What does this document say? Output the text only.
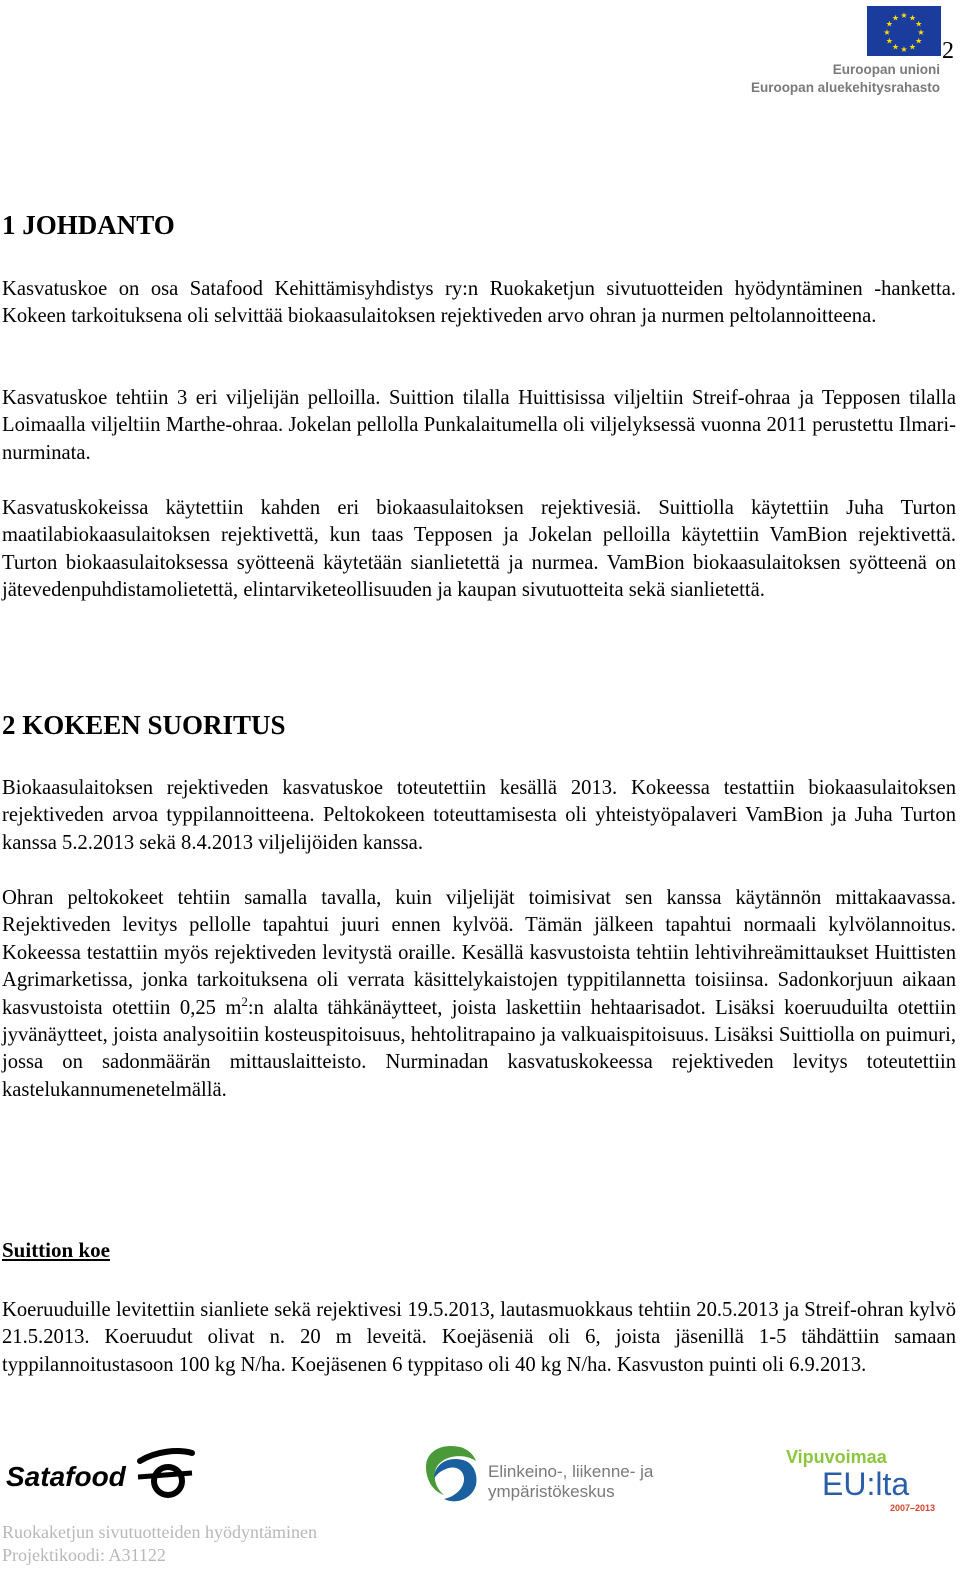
2
★ ★
★
★
★
★
★
★
★
★
★
★
Euroopan unioni
Euroopan aluekehitysrahasto
1 JOHDANTO

Kasvatuskoe on osa Satafood Kehittämisyhdistys ry:n Ruokaketjun sivutuotteiden hyödyntäminen -hanketta. Kokeen tarkoituksena oli selvittää biokaasulaitoksen rejektiveden arvo ohran ja nurmen peltolannoitteena.

Kasvatuskoe tehtiin 3 eri viljelijän pelloilla. Suittion tilalla Huittisissa viljeltiin Streif-ohraa ja Tepposen tilalla Loimaalla viljeltiin Marthe-ohraa. Jokelan pellolla Punkalaitumella oli viljelyksessä vuonna 2011 perustettu Ilmari-nurminata.

Kasvatuskokeissa käytettiin kahden eri biokaasulaitoksen rejektivesiä. Suittiolla käytettiin Juha Turton maatilabiokaasulaitoksen rejektivettä, kun taas Tepposen ja Jokelan pelloilla käytettiin VamBion rejektivettä. Turton biokaasulaitoksessa syötteenä käytetään sianlietettä ja nurmea. VamBion biokaasulaitoksen syötteenä on jätevedenpuhdistamolietettä, elintarviketeollisuuden ja kaupan sivutuotteita sekä sianlietettä.

2 KOKEEN SUORITUS

Biokaasulaitoksen rejektiveden kasvatuskoe toteutettiin kesällä 2013. Kokeessa testattiin biokaasulaitoksen rejektiveden arvoa typpilannoitteena. Peltokokeen toteuttamisesta oli yhteistyöpalaveri VamBion ja Juha Turton kanssa 5.2.2013 sekä 8.4.2013 viljelijöiden kanssa.

Ohran peltokokeet tehtiin samalla tavalla, kuin viljelijät toimisivat sen kanssa käytännön mittakaavassa. Rejektiveden levitys pellolle tapahtui juuri ennen kylvöä. Tämän jälkeen tapahtui normaali kylvölannoitus. Kokeessa testattiin myös rejektiveden levitystä oraille. Kesällä kasvustoista tehtiin lehtivihreämittaukset Huittisten Agrimarketissa, jonka tarkoituksena oli verrata käsittelykaistojen typpitilannetta toisiinsa. Sadonkorjuun aikaan kasvustoista otettiin 0,25 $m^2:n$ alalta tähkänäytteet, joista laskettiin hehtaarisadot. Lisäksi koeruuduilta otettiin jyvänäytteet, joista analysoitiin kosteuspitoisuus, hehtolitrapaino ja valkuaispitoisuus. Lisäksi Suittiolla on puimuri, jossa on sadonmäärän mittauslaitteisto. Nurminadan kasvatuskokeessa rejektiveden levitys toteutettiin kastelukannumenetelmällä.

Suittion koe

Koeruuduille levitettiin sianliete sekä rejektivesi 19.5.2013, lautasmuokkaus tehtiin 20.5.2013 ja Streif-ohran kylvö 21.5.2013. Koeruudut olivat n. 20 m leveitä. Koejäseniä oli 6, joista jäsenillä 1-5 tähdättiin samaan typpilannoitustasoon 100 kg N/ha. Koejäsenen 6 typpitaso oli 40 kg N/ha. Kasvuston puinti oli 6.9.2013.

Satafood	Elinkeino-, liikenne- ja
ympäristökeskus
Vipuvoimaa
EU:lta
2007–2013
Ruokaketjun sivutuotteiden hyödyntäminen
Projektikoodi: A31122
